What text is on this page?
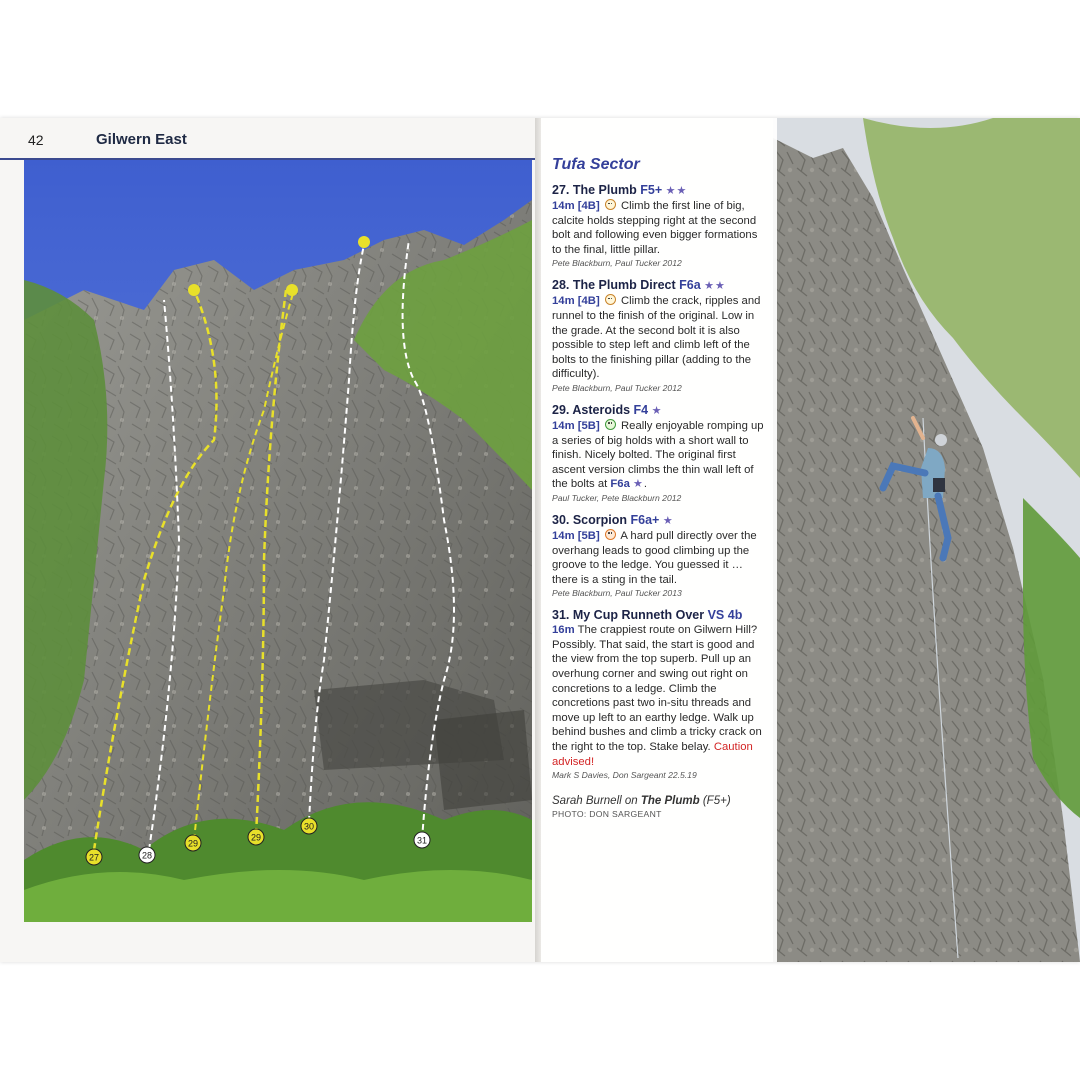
42	Gilwern East
27	28
29
29
30
31
Tufa Sector
27. The Plumb F5+ ★★
14m [4B] Climb the first line of big, calcite holds stepping right at the second bolt and following even bigger formations to the final, little pillar.
Pete Blackburn, Paul Tucker 2012
28. The Plumb Direct F6a ★★
14m [4B] Climb the crack, ripples and runnel to the finish of the original. Low in the grade. At the second bolt it is also possible to step left and climb left of the bolts to the finishing pillar (adding to the difficulty).
Pete Blackburn, Paul Tucker 2012
29. Asteroids F4 ★
14m [5B] Really enjoyable romping up a series of big holds with a short wall to finish. Nicely bolted. The original first ascent version climbs the thin wall left of the bolts at F6a ★.
Paul Tucker, Pete Blackburn 2012
30. Scorpion F6a+ ★
14m [5B] A hard pull directly over the overhang leads to good climbing up the groove to the ledge. You guessed it … there is a sting in the tail.
Pete Blackburn, Paul Tucker 2013
31. My Cup Runneth Over VS 4b
16m The crappiest route on Gilwern Hill? Possibly. That said, the start is good and the view from the top superb. Pull up an overhung corner and swing out right on concretions to a ledge. Climb the concretions past two in-situ threads and move up left to an earthy ledge. Walk up behind bushes and climb a tricky crack on the right to the top. Stake belay. Caution advised!
Mark S Davies, Don Sargeant 22.5.19
Sarah Burnell on The Plumb (F5+)
PHOTO: DON SARGEANT
